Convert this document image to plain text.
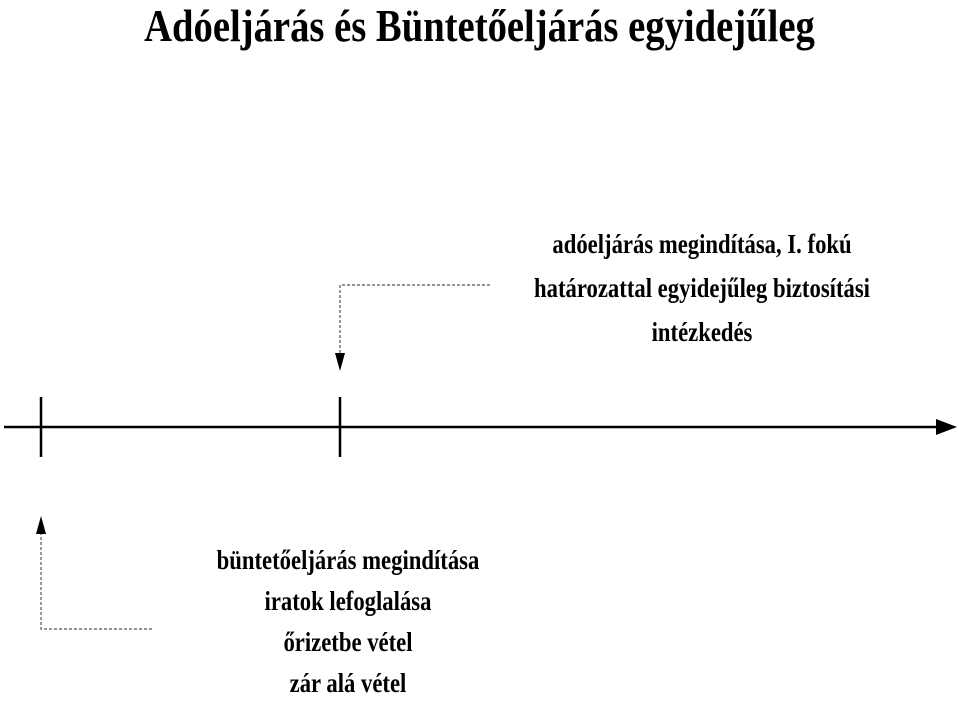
Adóeljárás és Büntetőeljárás egyidejűleg
adóeljárás megindítása, I. fokú
határozattal egyidejűleg biztosítási
intézkedés
büntetőeljárás megindítása
iratok lefoglalása
őrizetbe vétel
zár alá vétel
